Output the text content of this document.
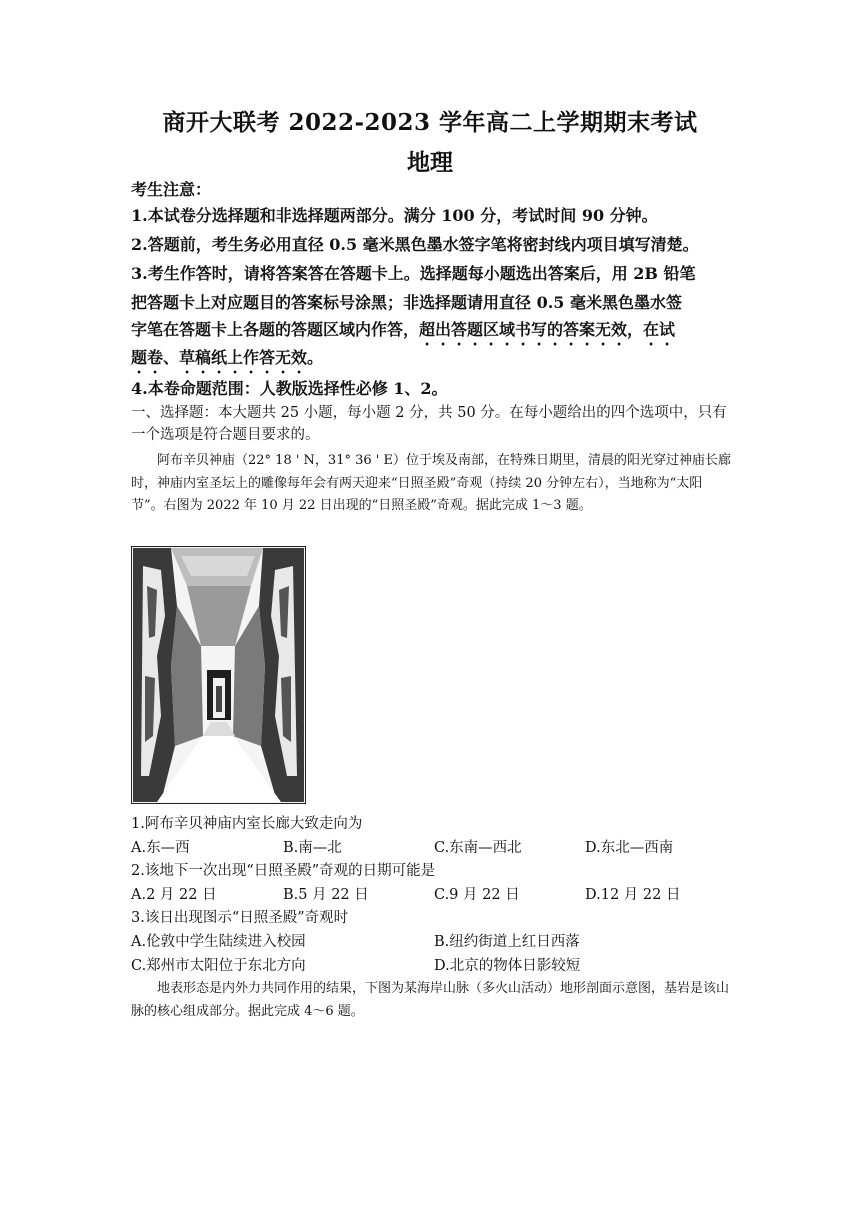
商开大联考 2022-2023 学年高二上学期期末考试
地理
考生注意：
1.本试卷分选择题和非选择题两部分。满分 100 分，考试时间 90 分钟。
2.答题前，考生务必用直径 0.5 毫米黑色墨水签字笔将密封线内项目填写清楚。
3.考生作答时，请将答案答在答题卡上。选择题每小题选出答案后，用 2B 铅笔
把答题卡上对应题目的答案标号涂黑；非选择题请用直径 0.5 毫米黑色墨水签
字笔在答题卡上各题的答题区域内作答，超出答题区域书写的答案无效，在试
题卷、草稿纸上作答无效。
4.本卷命题范围：人教版选择性必修 1、2。
一、选择题：本大题共 25 小题，每小题 2 分，共 50 分。在每小题给出的四个选项中，只有一个选项是符合题目要求的。
阿布辛贝神庙（22° 18 ' N，31° 36 ' E）位于埃及南部，在特殊日期里，清晨的阳光穿过神庙长廊时，神庙内室圣坛上的雕像每年会有两天迎来“日照圣殿”奇观（持续 20 分钟左右），当地称为“太阳节”。右图为 2022 年 10 月 22 日出现的“日照圣殿”奇观。据此完成 1～3 题。
1.阿布辛贝神庙内室长廊大致走向为
A.东—西	B.南—北	C.东南—西北	D.东北—西南
2.该地下一次出现“日照圣殿”奇观的日期可能是
A.2 月 22 日	B.5 月 22 日	C.9 月 22 日	D.12 月 22 日
3.该日出现图示“日照圣殿”奇观时
A.伦敦中学生陆续进入校园	B.纽约街道上红日西落
C.郑州市太阳位于东北方向	D.北京的物体日影较短
地表形态是内外力共同作用的结果，下图为某海岸山脉（多火山活动）地形剖面示意图，基岩是该山脉的核心组成部分。据此完成 4～6 题。
